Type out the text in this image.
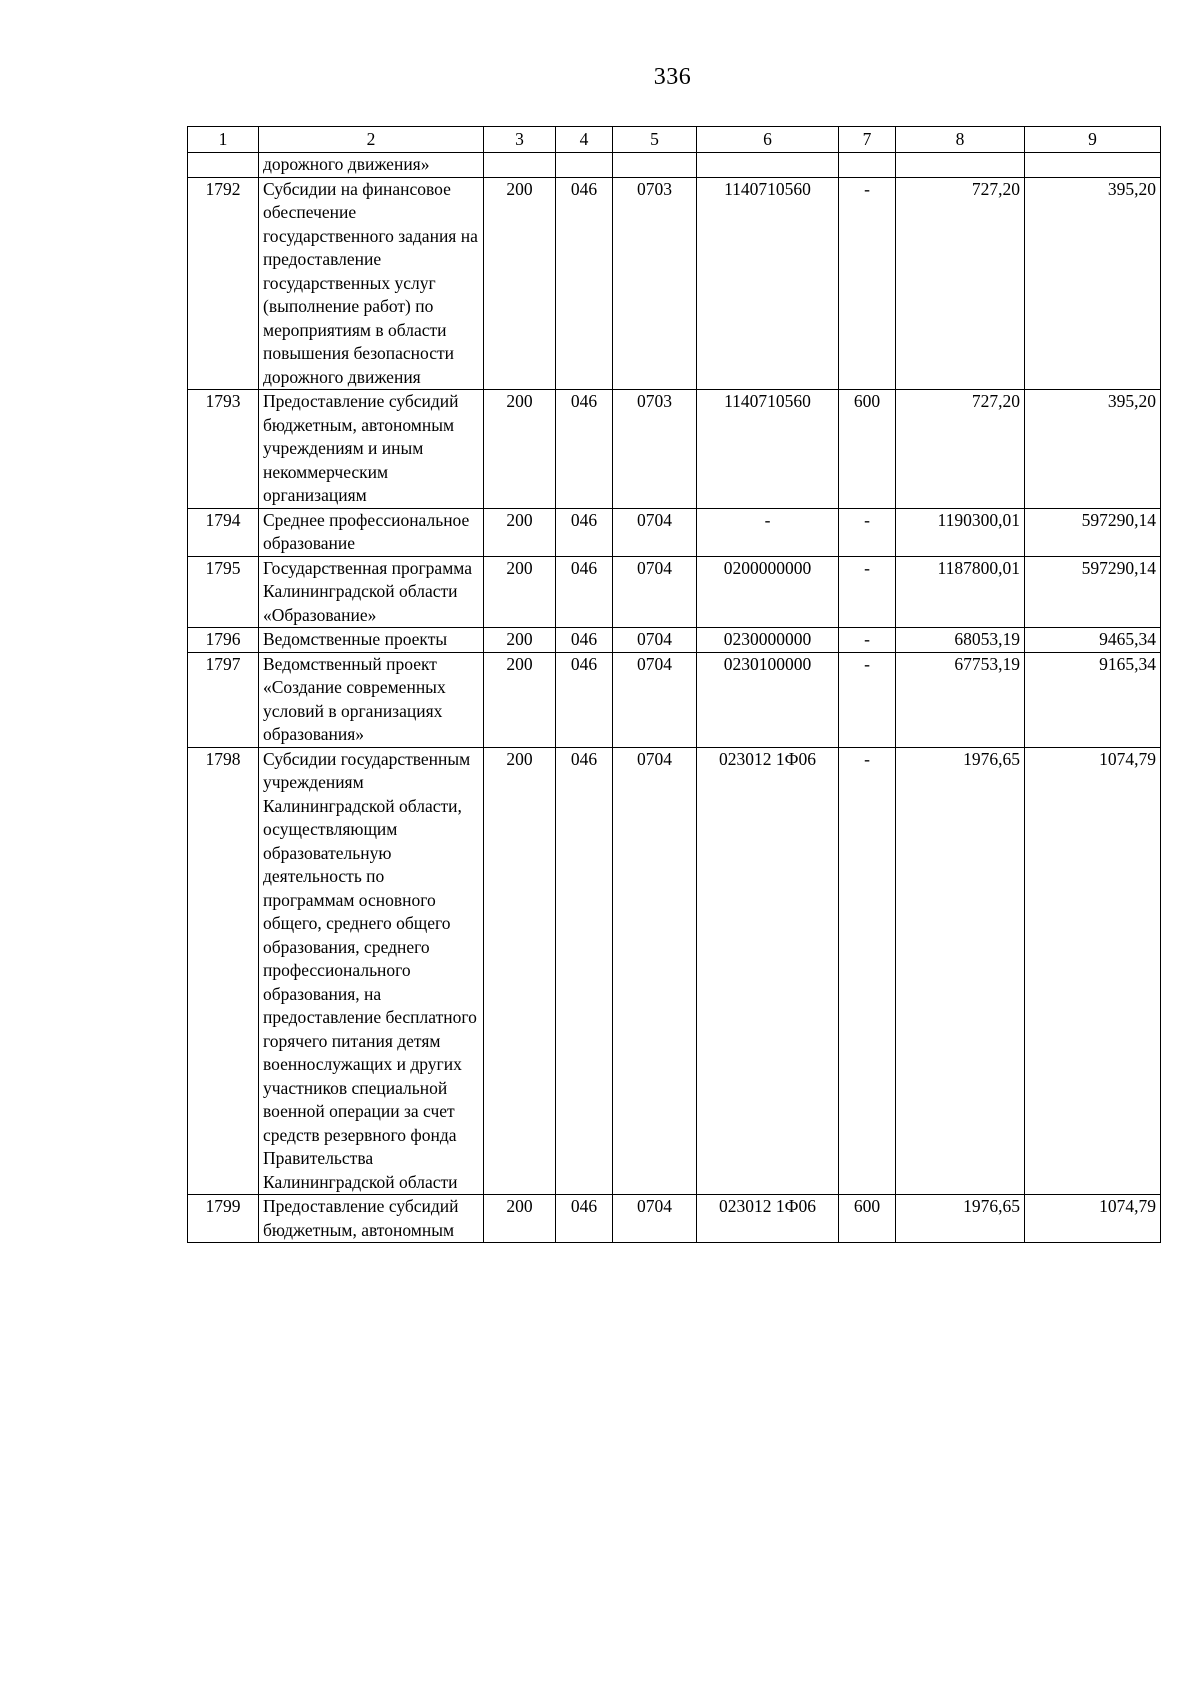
336
1	2	3	4	5	6	7	8	9
	дорожного движения»							
1792	Субсидии на финансовое обеспечение государственного задания на предоставление государственных услуг (выполнение работ) по мероприятиям в области повышения безопасности дорожного движения	200	046	0703	1140710560	-	727,20	395,20
1793	Предоставление субсидий бюджетным, автономным учреждениям и иным некоммерческим организациям	200	046	0703	1140710560	600	727,20	395,20
1794	Среднее профессиональное образование	200	046	0704	-	-	1190300,01	597290,14
1795	Государственная программа Калининградской области «Образование»	200	046	0704	0200000000	-	1187800,01	597290,14
1796	Ведомственные проекты	200	046	0704	0230000000	-	68053,19	9465,34
1797	Ведомственный проект «Создание современных условий в организациях образования»	200	046	0704	0230100000	-	67753,19	9165,34
1798	Субсидии государственным учреждениям Калининградской области, осуществляющим образовательную деятельность по программам основного общего, среднего общего образования, среднего профессионального образования, на предоставление бесплатного горячего питания детям военнослужащих и других участников специальной военной операции за счет средств резервного фонда Правительства Калининградской области	200	046	0704	023012 1Ф06	-	1976,65	1074,79
1799	Предоставление субсидий бюджетным, автономным	200	046	0704	023012 1Ф06	600	1976,65	1074,79
